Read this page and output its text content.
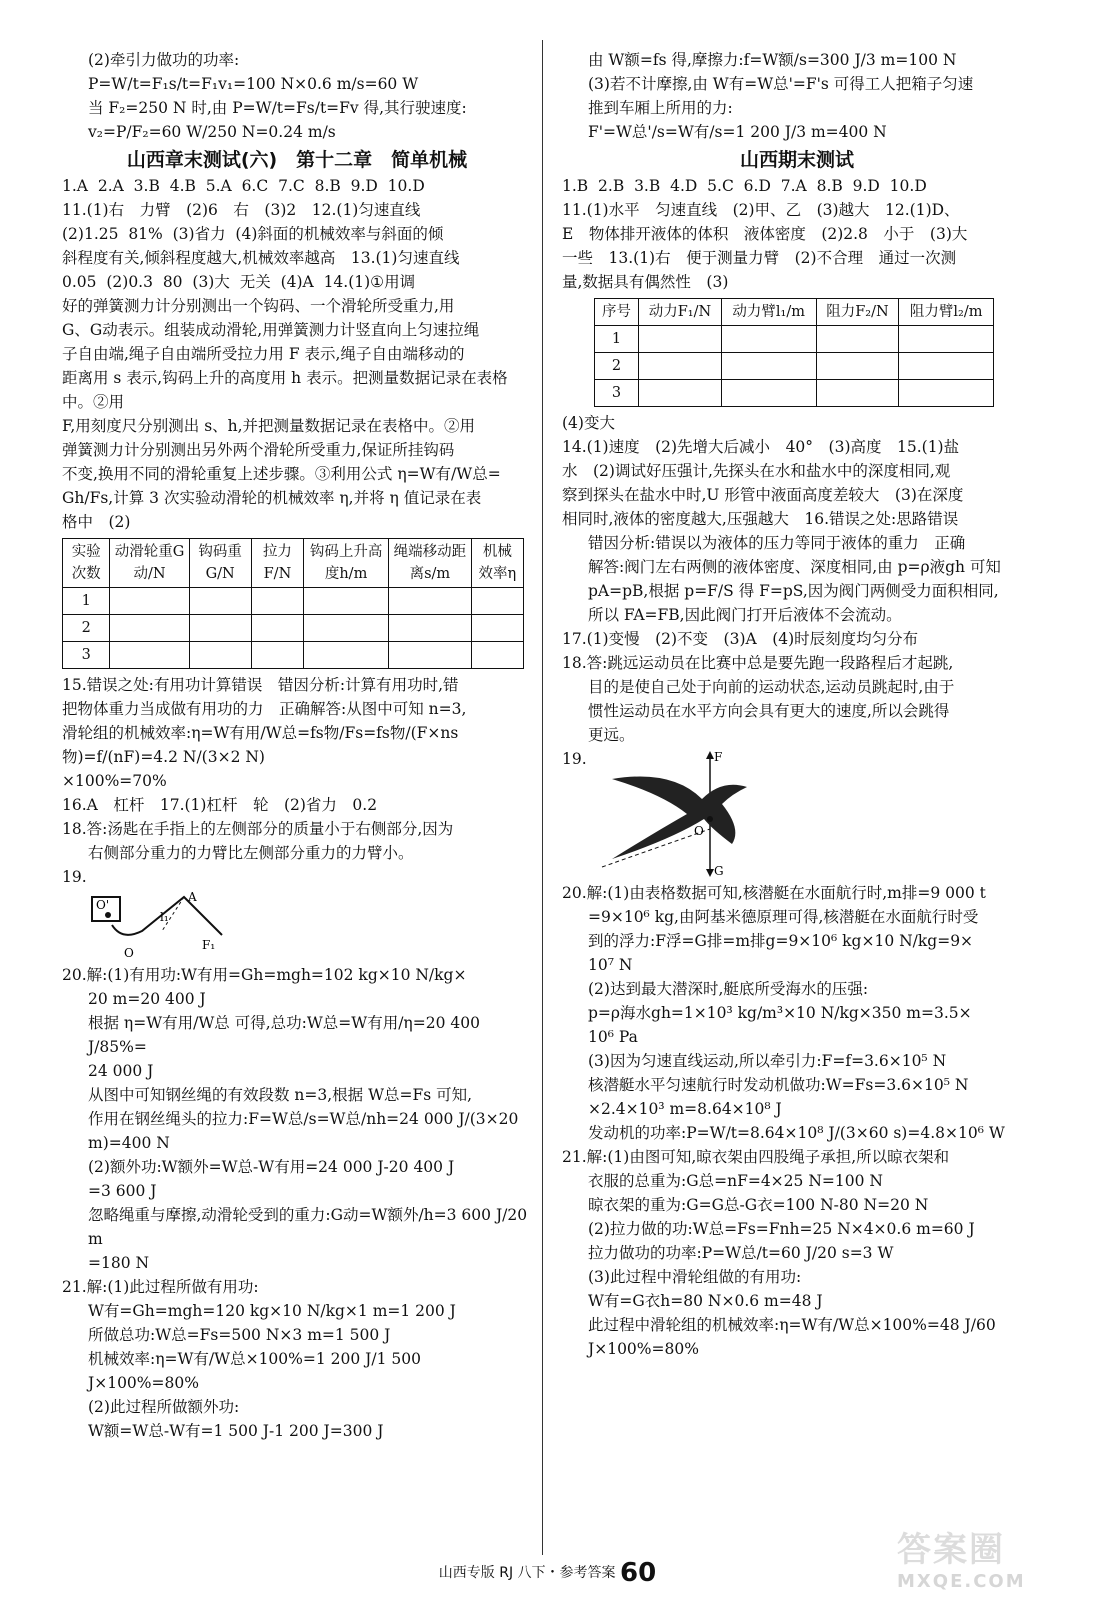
(2)牵引力做功的功率:

P=W/t=F₁s/t=F₁v₁=100 N×0.6 m/s=60 W

当 F₂=250 N 时,由 P=W/t=Fs/t=Fv 得,其行驶速度:

v₂=P/F₂=60 W/250 N=0.24 m/s

山西章末测试(六)　第十二章　简单机械

1.A  2.A  3.B  4.B  5.A  6.C  7.C  8.B  9.D  10.D

11.(1)右　力臂　(2)6　右　(3)2　12.(1)匀速直线

(2)1.25  81%  (3)省力  (4)斜面的机械效率与斜面的倾

斜程度有关,倾斜程度越大,机械效率越高　13.(1)匀速直线

0.05  (2)0.3  80  (3)大  无关  (4)A  14.(1)①用调

好的弹簧测力计分别测出一个钩码、一个滑轮所受重力,用

G、G动表示。组装成动滑轮,用弹簧测力计竖直向上匀速拉绳

子自由端,绳子自由端所受拉力用 F 表示,绳子自由端移动的

距离用 s 表示,钩码上升的高度用 h 表示。把测量数据记录在表格中。②用

F,用刻度尺分别测出 s、h,并把测量数据记录在表格中。②用

弹簧测力计分别测出另外两个滑轮所受重力,保证所挂钩码

不变,换用不同的滑轮重复上述步骤。③利用公式 η=W有/W总=

Gh/Fs,计算 3 次实验动滑轮的机械效率 η,并将 η 值记录在表

格中　(2)

实验次数	动滑轮重G动/N	钩码重G/N	拉力F/N	钩码上升高度h/m	绳端移动距离s/m	机械效率η
1						
2						
3						

15.错误之处:有用功计算错误　错因分析:计算有用功时,错

把物体重力当成做有用功的力　正确解答:从图中可知 n=3,

滑轮组的机械效率:η=W有用/W总=fs物/Fs=fs物/(F×ns物)=f/(nF)=4.2 N/(3×2 N)

×100%=70%

16.A　杠杆　17.(1)杠杆　轮　(2)省力　0.2

18.答:汤匙在手指上的左侧部分的质量小于右侧部分,因为

右侧部分重力的力臂比左侧部分重力的力臂小。

19.

O'
A
l₁
F₁
O

20.解:(1)有用功:W有用=Gh=mgh=102 kg×10 N/kg×

20 m=20 400 J

根据 η=W有用/W总 可得,总功:W总=W有用/η=20 400 J/85%=

24 000 J

从图中可知钢丝绳的有效段数 n=3,根据 W总=Fs 可知,

作用在钢丝绳头的拉力:F=W总/s=W总/nh=24 000 J/(3×20 m)=400 N

(2)额外功:W额外=W总-W有用=24 000 J-20 400 J

=3 600 J

忽略绳重与摩擦,动滑轮受到的重力:G动=W额外/h=3 600 J/20 m

=180 N

21.解:(1)此过程所做有用功:

W有=Gh=mgh=120 kg×10 N/kg×1 m=1 200 J

所做总功:W总=Fs=500 N×3 m=1 500 J

机械效率:η=W有/W总×100%=1 200 J/1 500 J×100%=80%

(2)此过程所做额外功:

W额=W总-W有=1 500 J-1 200 J=300 J

由 W额=fs 得,摩擦力:f=W额/s=300 J/3 m=100 N

(3)若不计摩擦,由 W有=W总'=F's 可得工人把箱子匀速

推到车厢上所用的力:

F'=W总'/s=W有/s=1 200 J/3 m=400 N

山西期末测试

1.B  2.B  3.B  4.D  5.C  6.D  7.A  8.B  9.D  10.D

11.(1)水平　匀速直线　(2)甲、乙　(3)越大　12.(1)D、

E　物体排开液体的体积　液体密度　(2)2.8　小于　(3)大

一些　13.(1)右　便于测量力臂　(2)不合理　通过一次测

量,数据具有偶然性　(3)

序号	动力F₁/N	动力臂l₁/m	阻力F₂/N	阻力臂l₂/m
1				
2				
3				

(4)变大

14.(1)速度　(2)先增大后减小　40°　(3)高度　15.(1)盐

水　(2)调试好压强计,先探头在水和盐水中的深度相同,观

察到探头在盐水中时,U 形管中液面高度差较大　(3)在深度

相同时,液体的密度越大,压强越大　16.错误之处:思路错误

错因分析:错误以为液体的压力等同于液体的重力　正确

解答:阀门左右两侧的液体密度、深度相同,由 p=ρ液gh 可知

pA=pB,根据 p=F/S 得 F=pS,因为阀门两侧受力面积相同,

所以 FA=FB,因此阀门打开后液体不会流动。

17.(1)变慢　(2)不变　(3)A　(4)时辰刻度均匀分布

18.答:跳远运动员在比赛中总是要先跑一段路程后才起跳,

目的是使自己处于向前的运动状态,运动员跳起时,由于

惯性运动员在水平方向会具有更大的速度,所以会跳得

更远。

19.	F
O
G

20.解:(1)由表格数据可知,核潜艇在水面航行时,m排=9 000 t

=9×10⁶ kg,由阿基米德原理可得,核潜艇在水面航行时受

到的浮力:F浮=G排=m排g=9×10⁶ kg×10 N/kg=9×

10⁷ N

(2)达到最大潜深时,艇底所受海水的压强:

p=ρ海水gh=1×10³ kg/m³×10 N/kg×350 m=3.5×

10⁶ Pa

(3)因为匀速直线运动,所以牵引力:F=f=3.6×10⁵ N

核潜艇水平匀速航行时发动机做功:W=Fs=3.6×10⁵ N

×2.4×10³ m=8.64×10⁸ J

发动机的功率:P=W/t=8.64×10⁸ J/(3×60 s)=4.8×10⁶ W

21.解:(1)由图可知,晾衣架由四股绳子承担,所以晾衣架和

衣服的总重为:G总=nF=4×25 N=100 N

晾衣架的重为:G=G总-G衣=100 N-80 N=20 N

(2)拉力做的功:W总=Fs=Fnh=25 N×4×0.6 m=60 J

拉力做功的功率:P=W总/t=60 J/20 s=3 W

(3)此过程中滑轮组做的有用功:

W有=G衣h=80 N×0.6 m=48 J

此过程中滑轮组的机械效率:η=W有/W总×100%=48 J/60 J×100%=80%

山西专版 RJ 八下・参考答案 60
答案圈
MXQE.COM
